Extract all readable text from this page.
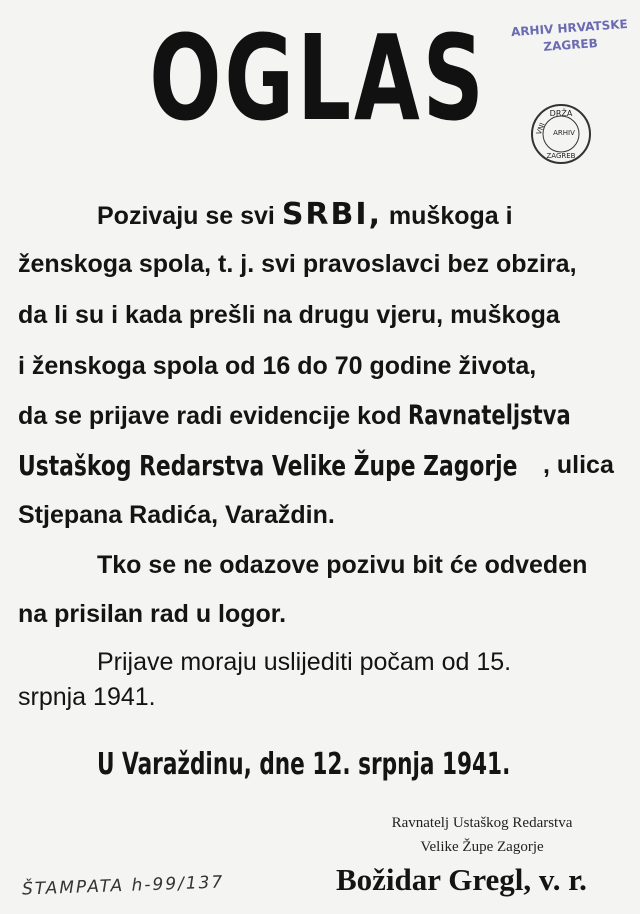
OGLAS ARHIV HRVATSKE
ZAGREB
DRŽA
VNI ARHIV
ZAGREB
Pozivaju se svi SRBI, muškoga i
ženskoga spola, t. j. svi pravoslavci bez obzira,
da li su i kada prešli na drugu vjeru, muškoga
i ženskoga spola od 16 do 70 godine života,
da se prijave radi evidencije kod Ravnateljstva
Ustaškog Redarstva Velike Župe Zagorje , ulica
Stjepana Radića, Varaždin.
Tko se ne odazove pozivu bit će odveden
na prisilan rad u logor.
Prijave moraju uslijediti počam od 15.
srpnja 1941.
U Varaždinu, dne 12. srpnja 1941.
Ravnatelj Ustaškog Redarstva
Velike Župe Zagorje
Božidar Gregl, v. r.
ŠTAMPATA h-99/137
